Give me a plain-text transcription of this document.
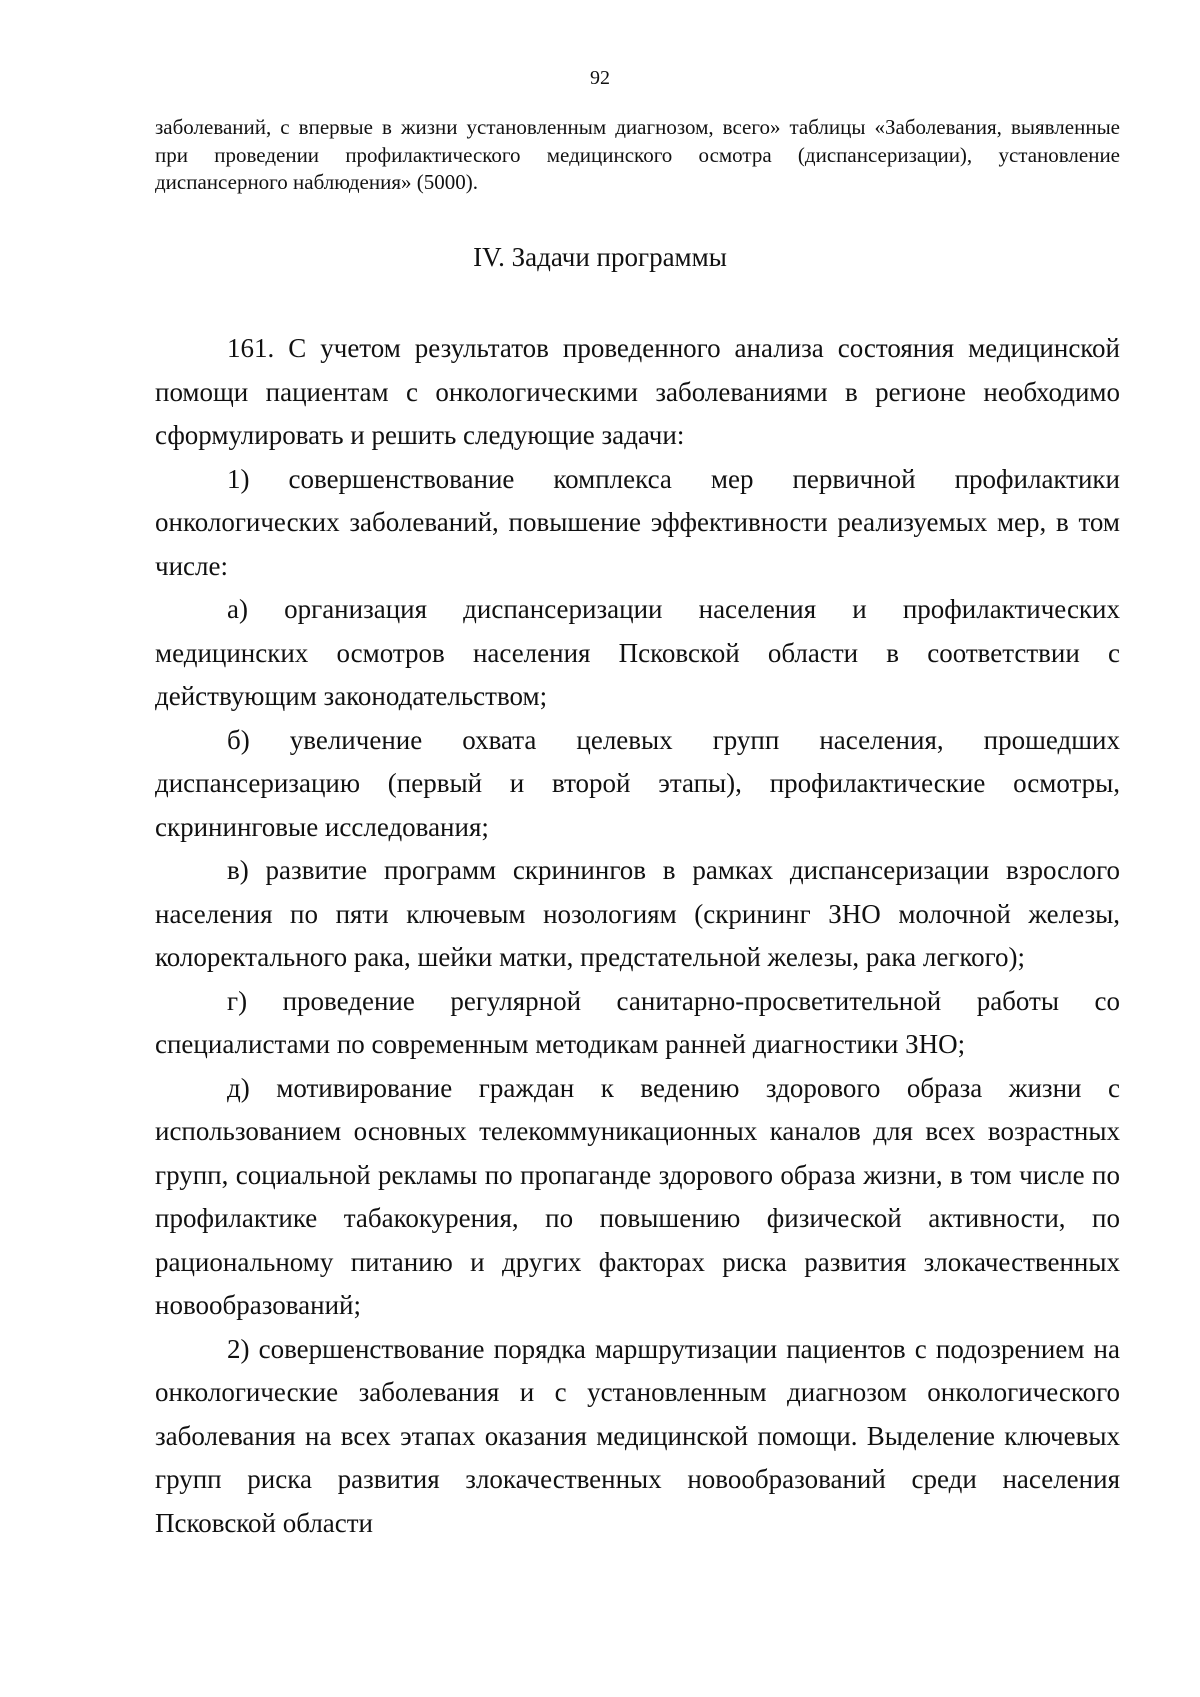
92

заболеваний, с впервые в жизни установленным диагнозом, всего» таблицы «Заболевания, выявленные при проведении профилактического медицинского осмотра (диспансеризации), установление диспансерного наблюдения» (5000).

IV. Задачи программы

161. С учетом результатов проведенного анализа состояния медицинской помощи пациентам с онкологическими заболеваниями в регионе необходимо сформулировать и решить следующие задачи:

1) совершенствование комплекса мер первичной профилактики онкологических заболеваний, повышение эффективности реализуемых мер, в том числе:

а) организация диспансеризации населения и профилактических медицинских осмотров населения Псковской области в соответствии с действующим законодательством;

б) увеличение охвата целевых групп населения, прошедших диспансеризацию (первый и второй этапы), профилактические осмотры, скрининговые исследования;

в) развитие программ скринингов в рамках диспансеризации взрослого населения по пяти ключевым нозологиям (скрининг ЗНО молочной железы, колоректального рака, шейки матки, предстательной железы, рака легкого);

г) проведение регулярной санитарно-просветительной работы со специалистами по современным методикам ранней диагностики ЗНО;

д) мотивирование граждан к ведению здорового образа жизни с использованием основных телекоммуникационных каналов для всех возрастных групп, социальной рекламы по пропаганде здорового образа жизни, в том числе по профилактике табакокурения, по повышению физической активности, по рациональному питанию и других факторах риска развития злокачественных новообразований;

2) совершенствование порядка маршрутизации пациентов с подозрением на онкологические заболевания и с установленным диагнозом онкологического заболевания на всех этапах оказания медицинской помощи. Выделение ключевых групп риска развития злокачественных новообразований среди населения Псковской области
